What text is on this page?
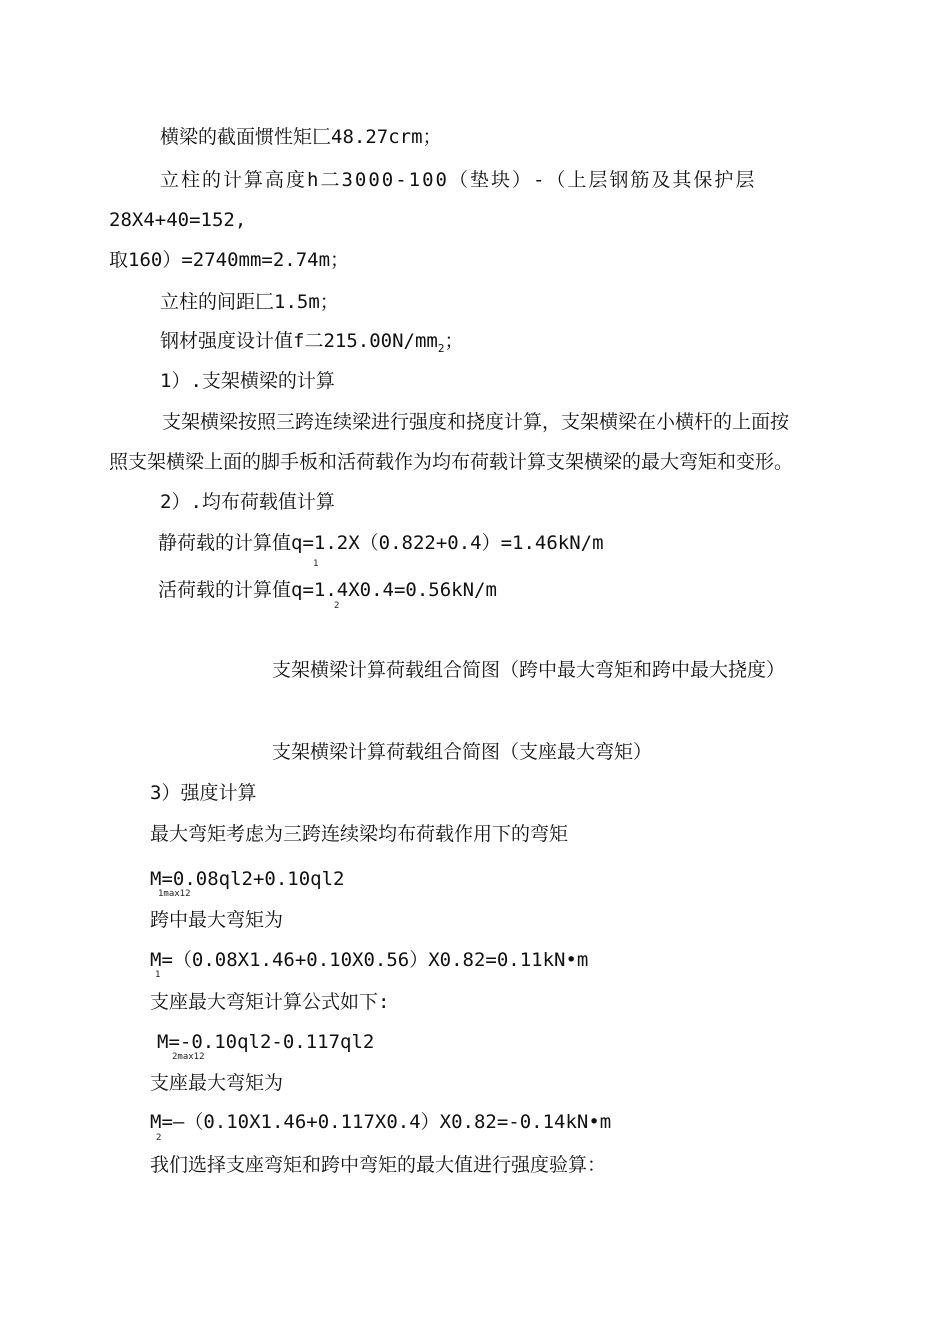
横梁的截面惯性矩匚48.27crm；
立柱的计算高度h二3000-100（垫块）-（上层钢筋及其保护层
28X4+40=152,
取160）=2740mm=2.74m；
立柱的间距匚1.5m；
钢材强度设计值f二$215.00N/mm_2$；
1）.支架横梁的计算
支架横梁按照三跨连续梁进行强度和挠度计算，支架横梁在小横杆的上面按
照支架横梁上面的脚手板和活荷载作为均布荷载计算支架横梁的最大弯矩和变形。
2）.均布荷载值计算
静荷载的计算值q=1.2X（0.822+0.4）=1.46kN/m
1
活荷载的计算值q=1.4X0.4=0.56kN/m
2
支架横梁计算荷载组合简图（跨中最大弯矩和跨中最大挠度）
支架横梁计算荷载组合简图（支座最大弯矩）
3）强度计算
最大弯矩考虑为三跨连续梁均布荷载作用下的弯矩
M=0.08ql2+0.10ql2
1max12
跨中最大弯矩为
M=（0.08X1.46+0.10X0.56）X0.82=0.11kN•m
1
支座最大弯矩计算公式如下:
M=-0.10ql2-0.117ql2
2max12
支座最大弯矩为
M=—（0.10X1.46+0.117X0.4）X0.82=-0.14kN•m
2
我们选择支座弯矩和跨中弯矩的最大值进行强度验算：
